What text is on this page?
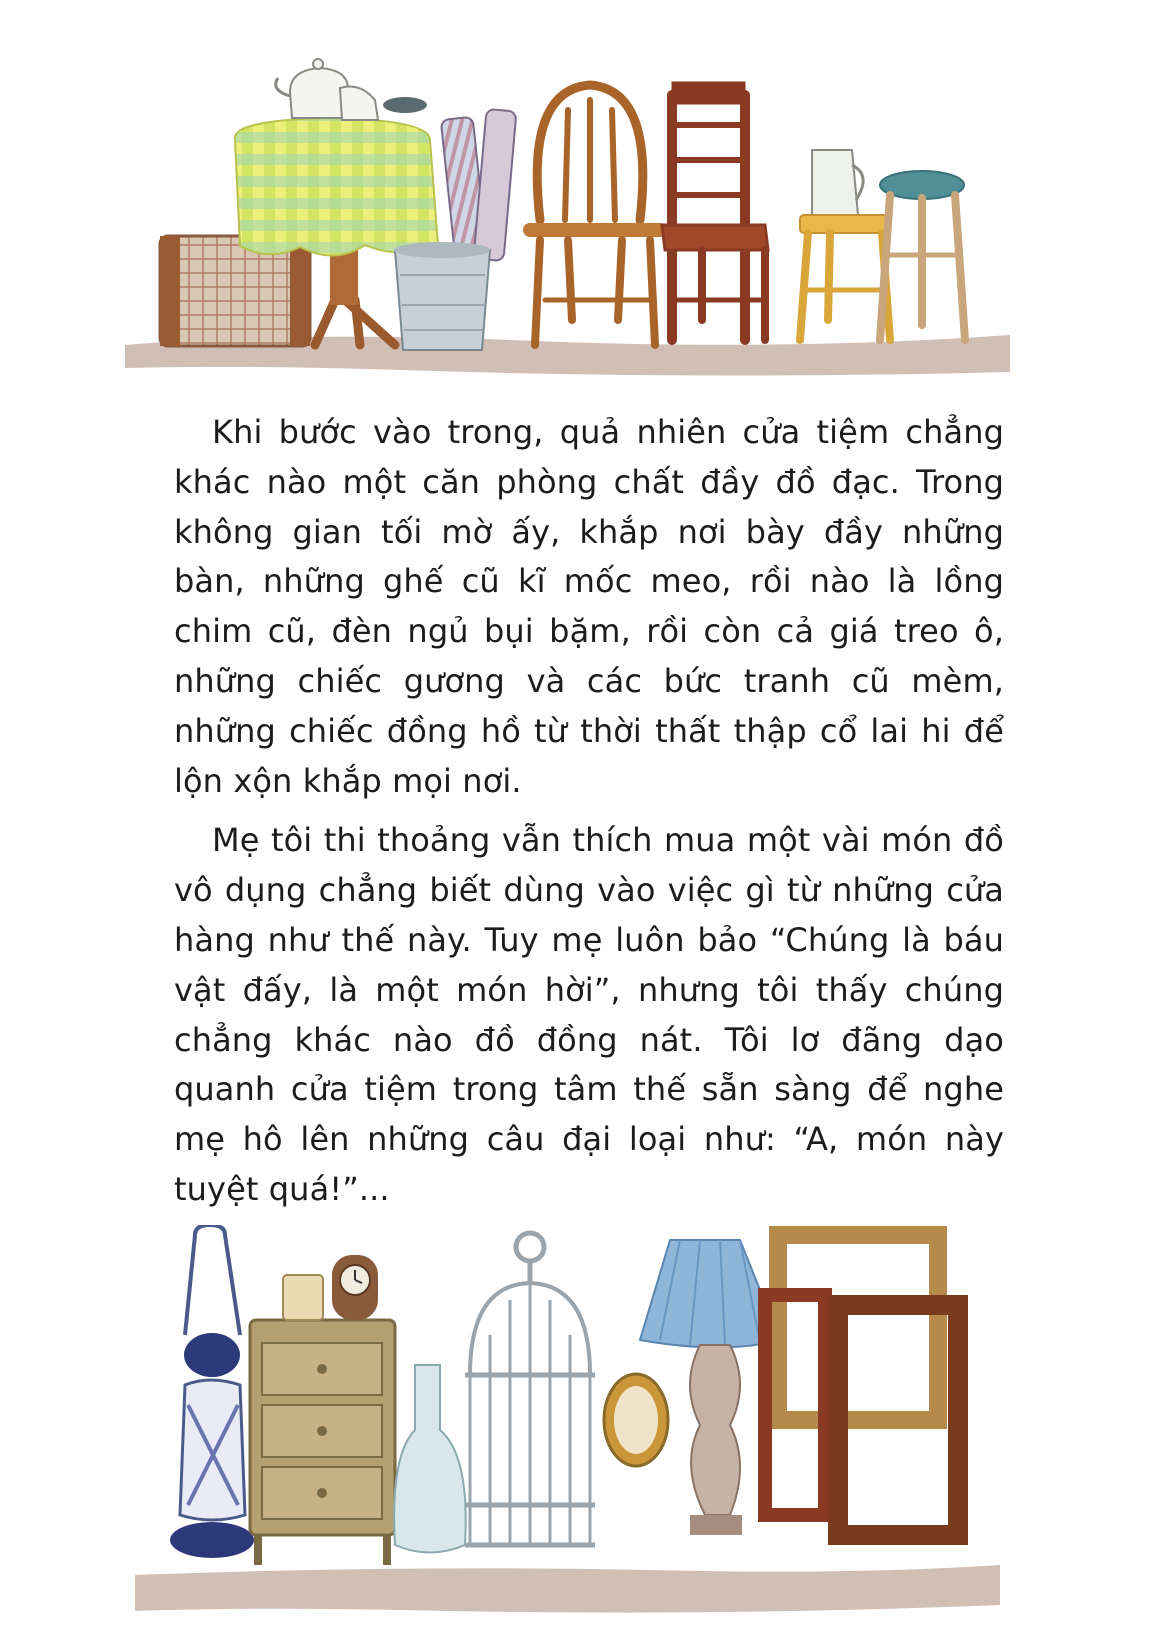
Khi bước vào trong, quả nhiên cửa tiệm chẳng khác nào một căn phòng chất đầy đồ đạc. Trong không gian tối mờ ấy, khắp nơi bày đầy những bàn, những ghế cũ kĩ mốc meo, rồi nào là lồng chim cũ, đèn ngủ bụi bặm, rồi còn cả giá treo ô, những chiếc gương và các bức tranh cũ mèm, những chiếc đồng hồ từ thời thất thập cổ lai hi để lộn xộn khắp mọi nơi.

Mẹ tôi thi thoảng vẫn thích mua một vài món đồ vô dụng chẳng biết dùng vào việc gì từ những cửa hàng như thế này. Tuy mẹ luôn bảo “Chúng là báu vật đấy, là một món hời”, nhưng tôi thấy chúng chẳng khác nào đồ đồng nát. Tôi lơ đãng dạo quanh cửa tiệm trong tâm thế sẵn sàng để nghe mẹ hô lên những câu đại loại như: “A, món này tuyệt quá!”...
